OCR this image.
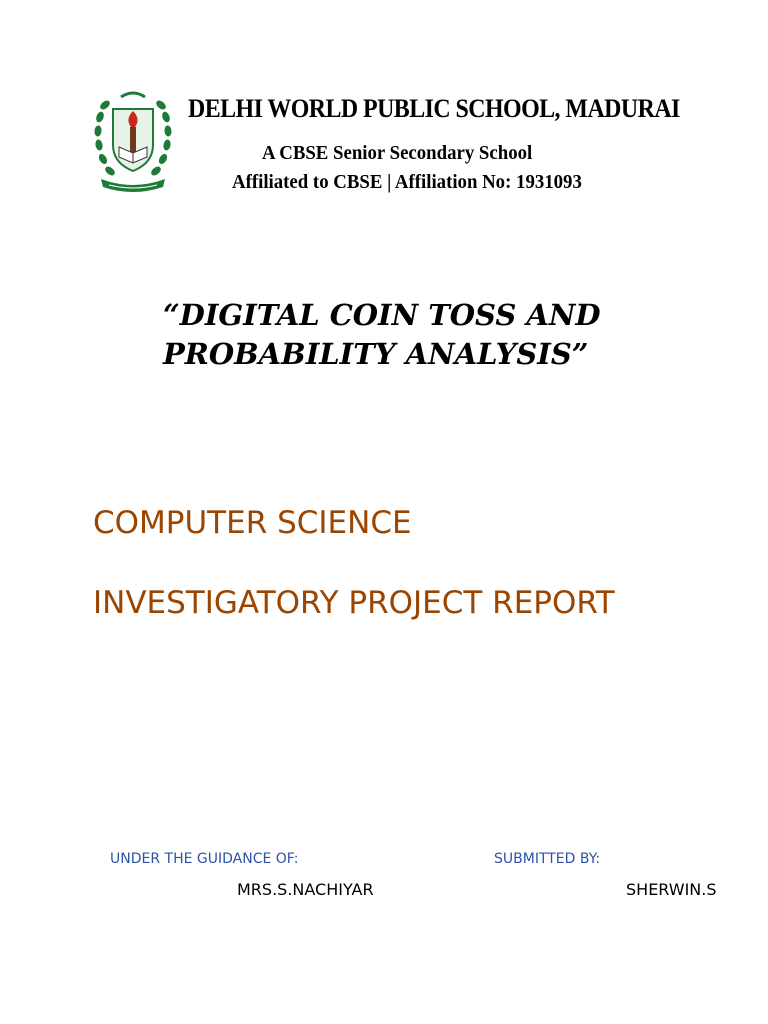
DELHI WORLD PUBLIC SCHOOL, MADURAI

A CBSE Senior Secondary School

Affiliated to CBSE | Affiliation No: 1931093

“DIGITAL COIN TOSS AND
PROBABILITY ANALYSIS”

COMPUTER SCIENCE

INVESTIGATORY PROJECT REPORT

UNDER THE GUIDANCE OF:	SUBMITTED BY:

MRS.S.NACHIYAR	SHERWIN.S
